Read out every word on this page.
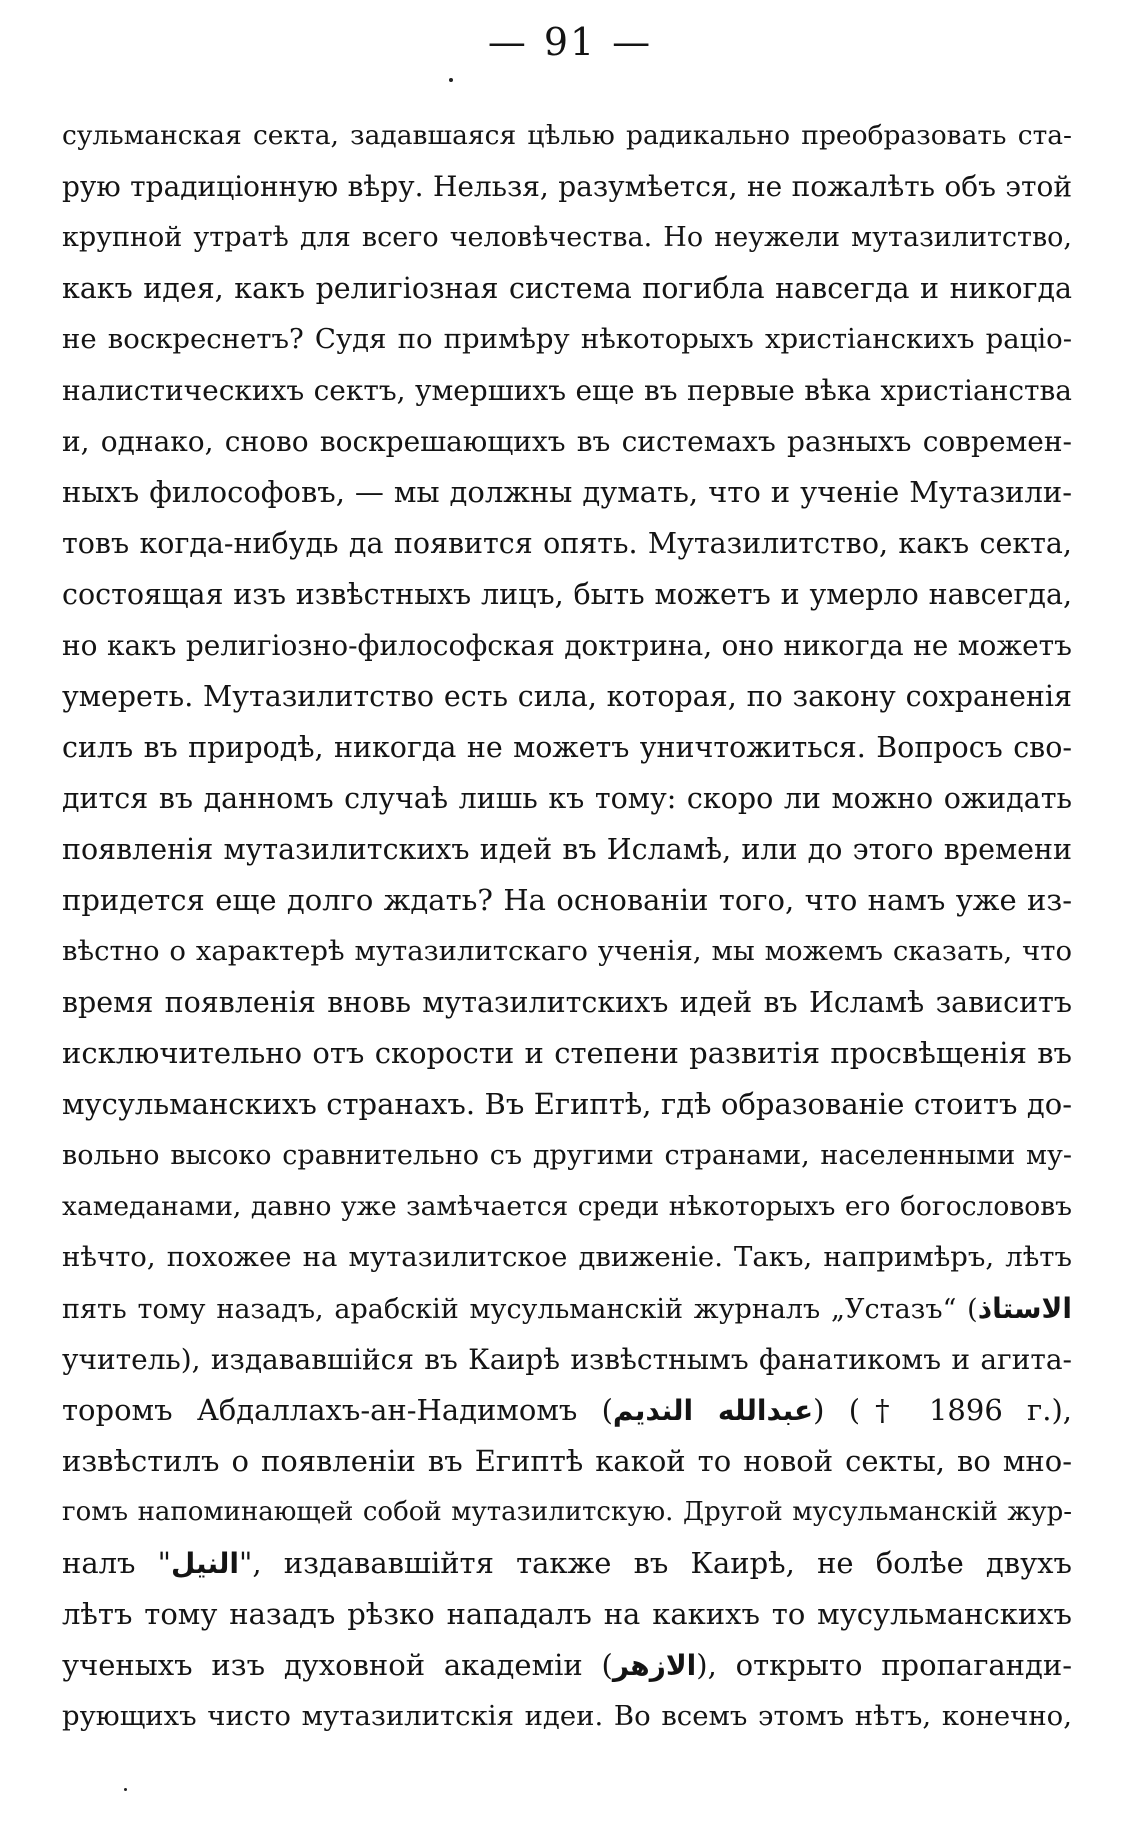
— 91 —
сульманская секта, задавшаяся цѣлью радикально преобразовать ста-
рую традиціонную вѣру. Нельзя, разумѣется, не пожалѣть объ этой
крупной утратѣ для всего человѣчества. Но неужели мутазилитство,
какъ идея, какъ религіозная система погибла навсегда и никогда
не воскреснетъ? Судя по примѣру нѣкоторыхъ христіанскихъ раціо-
налистическихъ сектъ, умершихъ еще въ первые вѣка христіанства
и, однако, сново воскрешающихъ въ системахъ разныхъ современ-
ныхъ философовъ, — мы должны думать, что и ученіе Мутазили-
товъ когда-нибудь да появится опять. Мутазилитство, какъ секта,
состоящая изъ извѣстныхъ лицъ, быть можетъ и умерло навсегда,
но какъ религіозно-философская доктрина, оно никогда не можетъ
умереть. Мутазилитство есть сила, которая, по закону сохраненія
силъ въ природѣ, никогда не можетъ уничтожиться. Вопросъ сво-
дится въ данномъ случаѣ лишь къ тому: скоро ли можно ожидать
появленія мутазилитскихъ идей въ Исламѣ, или до этого времени
придется еще долго ждать? На основаніи того, что намъ уже из-
вѣстно о характерѣ мутазилитскаго ученія, мы можемъ сказать, что
время появленія вновь мутазилитскихъ идей въ Исламѣ зависитъ
исключительно отъ скорости и степени развитія просвѣщенія въ
мусульманскихъ странахъ. Въ Египтѣ, гдѣ образованіе стоитъ до-
вольно высоко сравнительно съ другими странами, населенными му-
хамеданами, давно уже замѣчается среди нѣкоторыхъ его богослововъ
нѣчто, похожее на мутазилитское движеніе. Такъ, напримѣръ, лѣтъ
пять тому назадъ, арабскій мусульманскій журналъ „Устазъ“ (الاستاذ
учитель), издававшійся въ Каирѣ извѣстнымъ фанатикомъ и агита-
торомъ Абдаллахъ-ан-Надимомъ (عبدالله النديم) († 1896 г.),
извѣстилъ о появленіи въ Египтѣ какой то новой секты, во мно-
гомъ напоминающей собой мутазилитскую. Другой мусульманскій жур-
налъ "النيل", издававшійтя также въ Каирѣ, не болѣе двухъ
лѣтъ тому назадъ рѣзко нападалъ на какихъ то мусульманскихъ
ученыхъ изъ духовной академіи (الازهر), открыто пропаганди-
рующихъ чисто мутазилитскія идеи. Во всемъ этомъ нѣтъ, конечно,
